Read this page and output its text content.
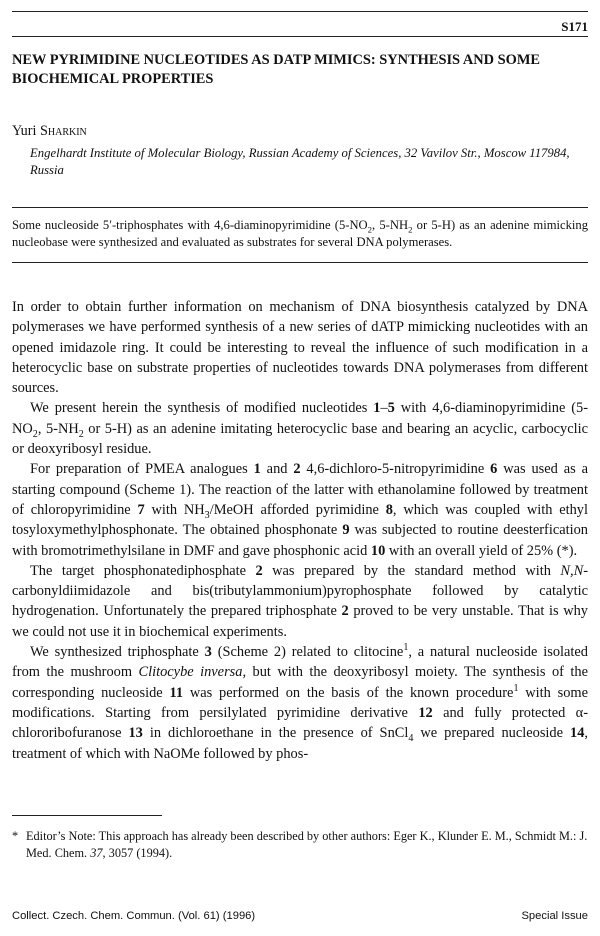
S171
NEW PYRIMIDINE NUCLEOTIDES AS DATP MIMICS: SYNTHESIS AND SOME BIOCHEMICAL PROPERTIES
Yuri Sharkin
Engelhardt Institute of Molecular Biology, Russian Academy of Sciences, 32 Vavilov Str., Moscow 117984, Russia

Some nucleoside 5′-triphosphates with 4,6-diaminopyrimidine ($5-NO_2$, $5-NH_2$ or 5-H) as an adenine mimicking nucleobase were synthesized and evaluated as substrates for several DNA polymerases.

In order to obtain further information on mechanism of DNA biosynthesis catalyzed by DNA polymerases we have performed synthesis of a new series of dATP mimicking nucleotides with an opened imidazole ring. It could be interesting to reveal the influence of such modification in a heterocyclic base on substrate properties of nucleotides towards DNA polymerases from different sources.

We present herein the synthesis of modified nucleotides 1–5 with 4,6-diaminopyrimidine ($5-NO_2$, $5-NH_2$ or 5-H) as an adenine imitating heterocyclic base and bearing an acyclic, carbocyclic or deoxyribosyl residue.

For preparation of PMEA analogues 1 and 2 4,6-dichloro-5-nitropyrimidine 6 was used as a starting compound (Scheme 1). The reaction of the latter with ethanolamine followed by treatment of chloropyrimidine 7 with $NH_3$/MeOH afforded pyrimidine 8, which was coupled with ethyl tosyloxymethylphosphonate. The obtained phosphonate 9 was subjected to routine deesterfication with bromotrimethylsilane in DMF and gave phosphonic acid 10 with an overall yield of 25% (*).

The target phosphonatediphosphate 2 was prepared by the standard method with N,N-carbonyldiimidazole and bis(tributylammonium)pyrophosphate followed by catalytic hydrogenation. Unfortunately the prepared triphosphate 2 proved to be very unstable. That is why we could not use it in biochemical experiments.

We synthesized triphosphate 3 (Scheme 2) related to clitocine$^1$, a natural nucleoside isolated from the mushroom Clitocybe inversa, but with the deoxyribosyl moiety. The synthesis of the corresponding nucleoside 11 was performed on the basis of the known procedure$^1$ with some modifications. Starting from persilylated pyrimidine derivative 12 and fully protected α-chlororibofuranose 13 in dichloroethane in the presence of SnCl$_4$ we prepared nucleoside 14, treatment of which with NaOMe followed by phos-

* Editor’s Note: This approach has already been described by other authors: Eger K., Klunder E. M., Schmidt M.: J. Med. Chem. 37, 3057 (1994).
Collect. Czech. Chem. Commun. (Vol. 61) (1996)	Special Issue
